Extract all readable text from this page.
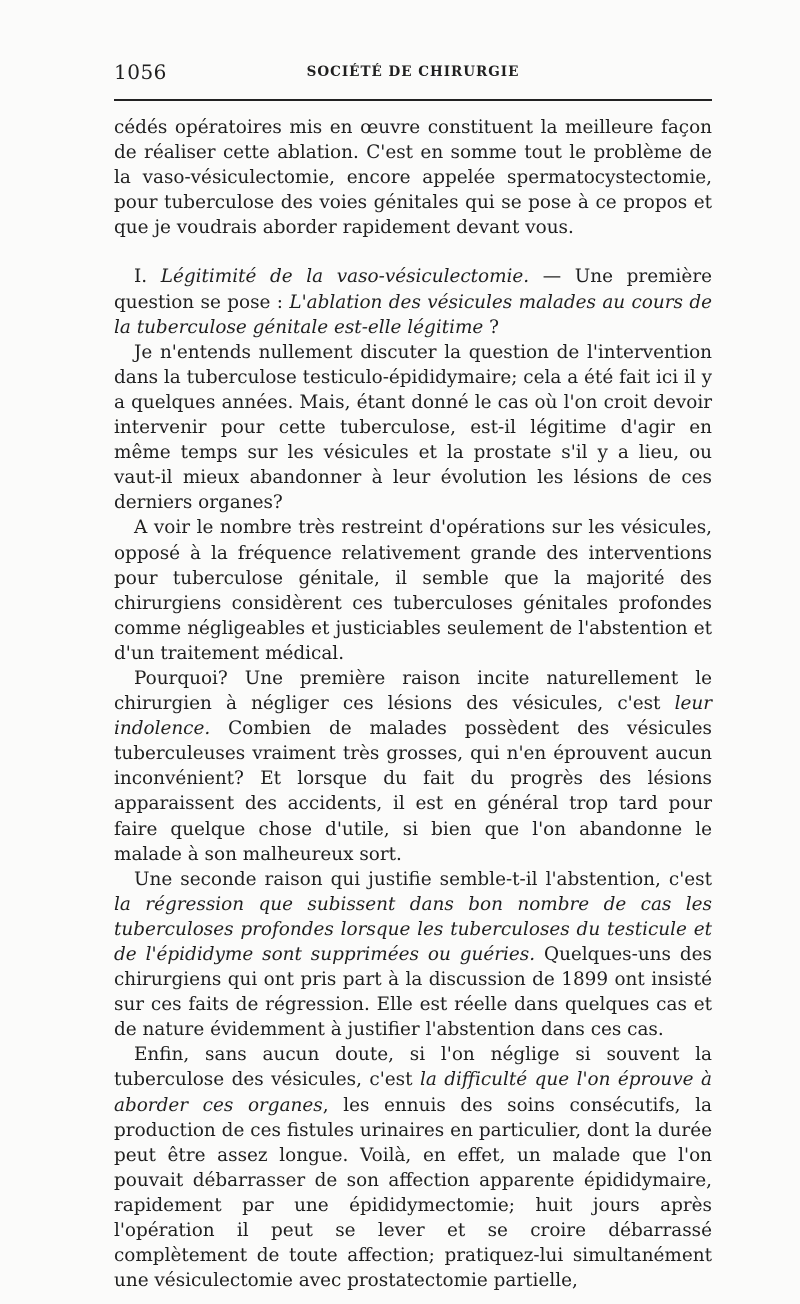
1056	SOCIÉTÉ DE CHIRURGIE

cédés opératoires mis en œuvre constituent la meilleure façon de réaliser cette ablation. C'est en somme tout le problème de la vaso-vésiculectomie, encore appelée spermatocystectomie, pour tuberculose des voies génitales qui se pose à ce propos et que je voudrais aborder rapidement devant vous.

I. Légitimité de la vaso-vésiculectomie. — Une première question se pose : L'ablation des vésicules malades au cours de la tuberculose génitale est-elle légitime ?

Je n'entends nullement discuter la question de l'intervention dans la tuberculose testiculo-épididymaire; cela a été fait ici il y a quelques années. Mais, étant donné le cas où l'on croit devoir intervenir pour cette tuberculose, est-il légitime d'agir en même temps sur les vésicules et la prostate s'il y a lieu, ou vaut-il mieux abandonner à leur évolution les lésions de ces derniers organes?

A voir le nombre très restreint d'opérations sur les vésicules, opposé à la fréquence relativement grande des interventions pour tuberculose génitale, il semble que la majorité des chirurgiens considèrent ces tuberculoses génitales profondes comme négligeables et justiciables seulement de l'abstention et d'un traitement médical.

Pourquoi? Une première raison incite naturellement le chirurgien à négliger ces lésions des vésicules, c'est leur indolence. Combien de malades possèdent des vésicules tuberculeuses vraiment très grosses, qui n'en éprouvent aucun inconvénient? Et lorsque du fait du progrès des lésions apparaissent des accidents, il est en général trop tard pour faire quelque chose d'utile, si bien que l'on abandonne le malade à son malheureux sort.

Une seconde raison qui justifie semble-t-il l'abstention, c'est la régression que subissent dans bon nombre de cas les tuberculoses profondes lorsque les tuberculoses du testicule et de l'épididyme sont supprimées ou guéries. Quelques-uns des chirurgiens qui ont pris part à la discussion de 1899 ont insisté sur ces faits de régression. Elle est réelle dans quelques cas et de nature évidemment à justifier l'abstention dans ces cas.

Enfin, sans aucun doute, si l'on néglige si souvent la tuberculose des vésicules, c'est la difficulté que l'on éprouve à aborder ces organes, les ennuis des soins consécutifs, la production de ces fistules urinaires en particulier, dont la durée peut être assez longue. Voilà, en effet, un malade que l'on pouvait débarrasser de son affection apparente épididymaire, rapidement par une épididymectomie; huit jours après l'opération il peut se lever et se croire débarrassé complètement de toute affection; pratiquez-lui simultanément une vésiculectomie avec prostatectomie partielle,
